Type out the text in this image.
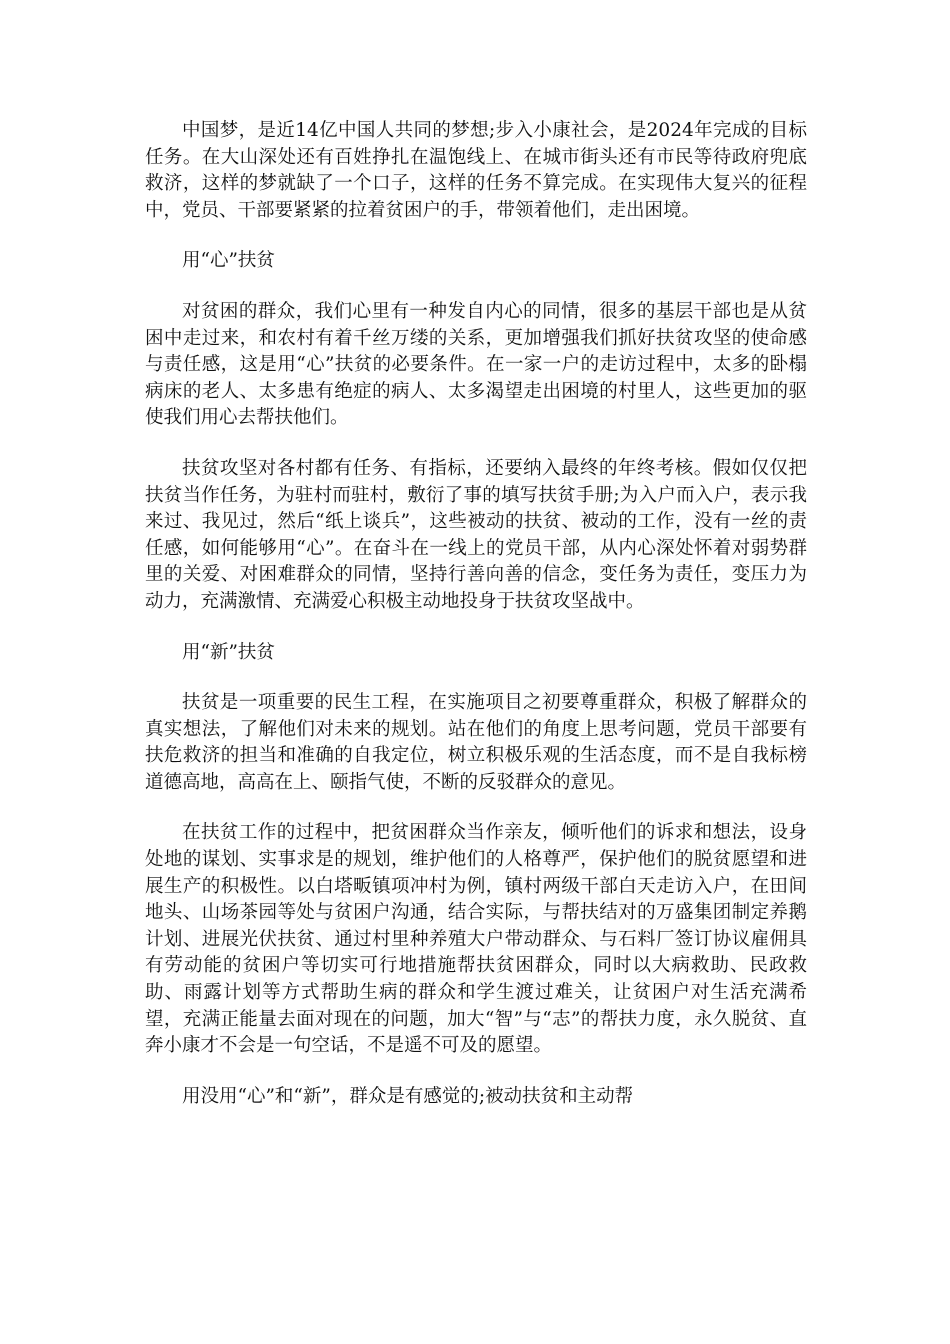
中国梦，是近14亿中国人共同的梦想;步入小康社会，是2024年完成的目标任务。在大山深处还有百姓挣扎在温饱线上、在城市街头还有市民等待政府兜底救济，这样的梦就缺了一个口子，这样的任务不算完成。在实现伟大复兴的征程中，党员、干部要紧紧的拉着贫困户的手，带领着他们，走出困境。

用“心”扶贫

对贫困的群众，我们心里有一种发自内心的同情，很多的基层干部也是从贫困中走过来，和农村有着千丝万缕的关系，更加增强我们抓好扶贫攻坚的使命感与责任感，这是用“心”扶贫的必要条件。在一家一户的走访过程中，太多的卧榻病床的老人、太多患有绝症的病人、太多渴望走出困境的村里人，这些更加的驱使我们用心去帮扶他们。

扶贫攻坚对各村都有任务、有指标，还要纳入最终的年终考核。假如仅仅把扶贫当作任务，为驻村而驻村，敷衍了事的填写扶贫手册;为入户而入户，表示我来过、我见过，然后“纸上谈兵”，这些被动的扶贫、被动的工作，没有一丝的责任感，如何能够用“心”。在奋斗在一线上的党员干部，从内心深处怀着对弱势群里的关爱、对困难群众的同情，坚持行善向善的信念，变任务为责任，变压力为动力，充满激情、充满爱心积极主动地投身于扶贫攻坚战中。

用“新”扶贫

扶贫是一项重要的民生工程，在实施项目之初要尊重群众，积极了解群众的真实想法，了解他们对未来的规划。站在他们的角度上思考问题，党员干部要有扶危救济的担当和准确的自我定位，树立积极乐观的生活态度，而不是自我标榜道德高地，高高在上、颐指气使，不断的反驳群众的意见。

在扶贫工作的过程中，把贫困群众当作亲友，倾听他们的诉求和想法，设身处地的谋划、实事求是的规划，维护他们的人格尊严，保护他们的脱贫愿望和进展生产的积极性。以白塔畈镇项冲村为例，镇村两级干部白天走访入户，在田间地头、山场茶园等处与贫困户沟通，结合实际，与帮扶结对的万盛集团制定养鹅计划、进展光伏扶贫、通过村里种养殖大户带动群众、与石料厂签订协议雇佣具有劳动能的贫困户等切实可行地措施帮扶贫困群众，同时以大病救助、民政救助、雨露计划等方式帮助生病的群众和学生渡过难关，让贫困户对生活充满希望，充满正能量去面对现在的问题，加大“智”与“志”的帮扶力度，永久脱贫、直奔小康才不会是一句空话，不是遥不可及的愿望。

用没用“心”和“新”，群众是有感觉的;被动扶贫和主动帮
